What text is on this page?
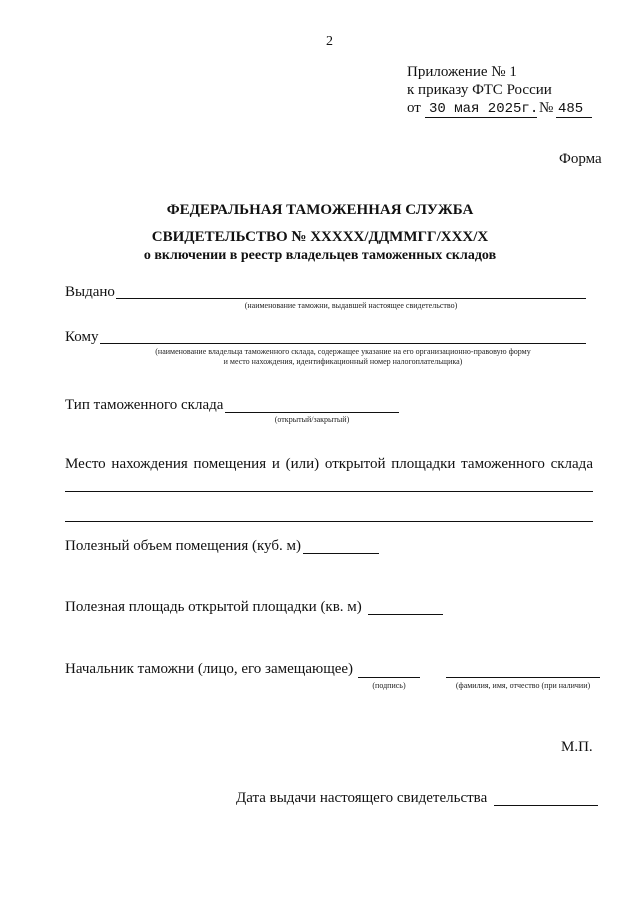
2
Приложение № 1
к приказу ФТС России
от 30 мая 2025г. № 485
Форма
ФЕДЕРАЛЬНАЯ ТАМОЖЕННАЯ СЛУЖБА
СВИДЕТЕЛЬСТВО № ХХХХХ/ДДММГГ/ХХХ/Х
о включении в реестр владельцев таможенных складов
Выдано
(наименование таможни, выдавшей настоящее свидетельство)
Кому
(наименование владельца таможенного склада, содержащее указание на его организационно-правовую форму
и место нахождения, идентификационный номер налогоплательщика)
Тип таможенного склада
(открытый/закрытый)
Место нахождения помещения и (или) открытой площадки таможенного склада
Полезный объем помещения (куб. м)
Полезная площадь открытой площадки (кв. м)
Начальник таможни (лицо, его замещающее)
(подпись)	(фамилия, имя, отчество (при наличии)
М.П.
Дата выдачи настоящего свидетельства
